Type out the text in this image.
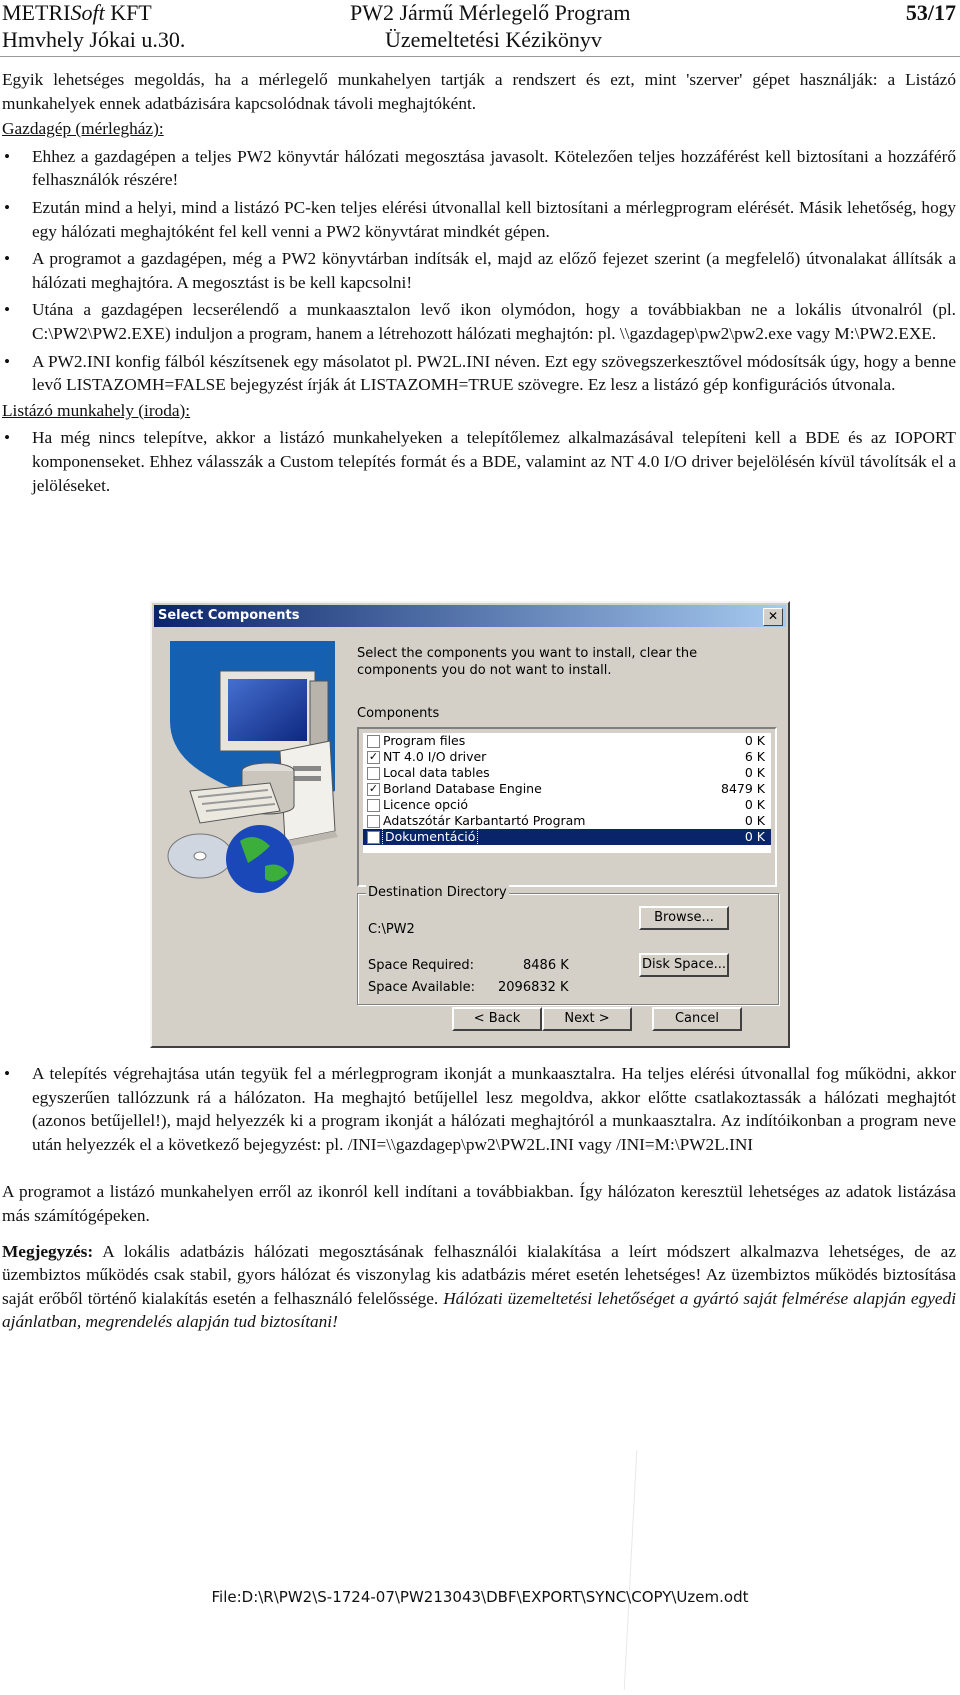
METRISoft KFT
Hmvhely Jókai u.30.
PW2 Jármű Mérlegelő Program
Üzemeltetési Kézikönyv
53/17

Egyik lehetséges megoldás, ha a mérlegelő munkahelyen tartják a rendszert és ezt, mint 'szerver' gépet használják: a Listázó munkahelyek ennek adatbázisára kapcsolódnak távoli meghajtóként.

Gazdagép (mérlegház):

• Ehhez a gazdagépen a teljes PW2 könyvtár hálózati megosztása javasolt. Kötelezően teljes hozzáférést kell biztosítani a hozzáférő felhasználók részére!
• Ezután mind a helyi, mind a listázó PC-ken teljes elérési útvonallal kell biztosítani a mérlegprogram elérését. Másik lehetőség, hogy egy hálózati meghajtóként fel kell venni a PW2 könyvtárat mindkét gépen.
• A programot a gazdagépen, még a PW2 könyvtárban indítsák el, majd az előző fejezet szerint (a megfelelő) útvonalakat állítsák a hálózati meghajtóra. A megosztást is be kell kapcsolni!
• Utána a gazdagépen lecserélendő a munkaasztalon levő ikon olymódon, hogy a továbbiakban ne a lokális útvonalról (pl. C:\PW2\PW2.EXE) induljon a program, hanem a létrehozott hálózati meghajtón: pl. \\gazdagep\pw2\pw2.exe vagy M:\PW2.EXE.
• A PW2.INI konfig fálból készítsenek egy másolatot pl. PW2L.INI néven. Ezt egy szövegszerkesztővel módosítsák úgy, hogy a benne levő LISTAZOMH=FALSE bejegyzést írják át LISTAZOMH=TRUE szövegre. Ez lesz a listázó gép konfigurációs útvonala.

Listázó munkahely (iroda):

• Ha még nincs telepítve, akkor a listázó munkahelyeken a telepítőlemez alkalmazásával telepíteni kell a BDE és az IOPORT komponenseket. Ehhez válasszák a Custom telepítés formát és a BDE, valamint az NT 4.0 I/O driver bejelölésén kívül távolítsák el a jelöléseket.
Select Components	✕
Select the components you want to install, clear the components you do not want to install.
Components
Program files	0 K
✓ NT 4.0 I/O driver	6 K
Local data tables	0 K
✓ Borland Database Engine	8479 K
Licence opció	0 K
Adatszótár Karbantartó Program	0 K
Dokumentáció	0 K
Destination Directory
C:\PW2
Space Required:	8486 K
Space Available: 2096832 K
Browse...
Disk Space...
< Back	Next >	Cancel
• A telepítés végrehajtása után tegyük fel a mérlegprogram ikonját a munkaasztalra. Ha teljes elérési útvonallal fog működni, akkor egyszerűen tallózzunk rá a hálózaton. Ha meghajtó betűjellel lesz megoldva, akkor előtte csatlakoztassák a hálózati meghajtót (azonos betűjellel!), majd helyezzék ki a program ikonját a hálózati meghajtóról a munkaasztalra. Az indítóikonban a program neve után helyezzék el a következő bejegyzést: pl. /INI=\\gazdagep\pw2\PW2L.INI vagy /INI=M:\PW2L.INI

A programot a listázó munkahelyen erről az ikonról kell indítani a továbbiakban. Így hálózaton keresztül lehetséges az adatok listázása más számítógépeken.

Megjegyzés: A lokális adatbázis hálózati megosztásának felhasználói kialakítása a leírt módszert alkalmazva lehetséges, de az üzembiztos működés csak stabil, gyors hálózat és viszonylag kis adatbázis méret esetén lehetséges! Az üzembiztos működés biztosítása saját erőből történő kialakítás esetén a felhasználó felelőssége. Hálózati üzemeltetési lehetőséget a gyártó saját felmérése alapján egyedi ajánlatban, megrendelés alapján tud biztosítani!

File:D:\R\PW2\S-1724-07\PW213043\DBF\EXPORT\SYNC\COPY\Uzem.odt
